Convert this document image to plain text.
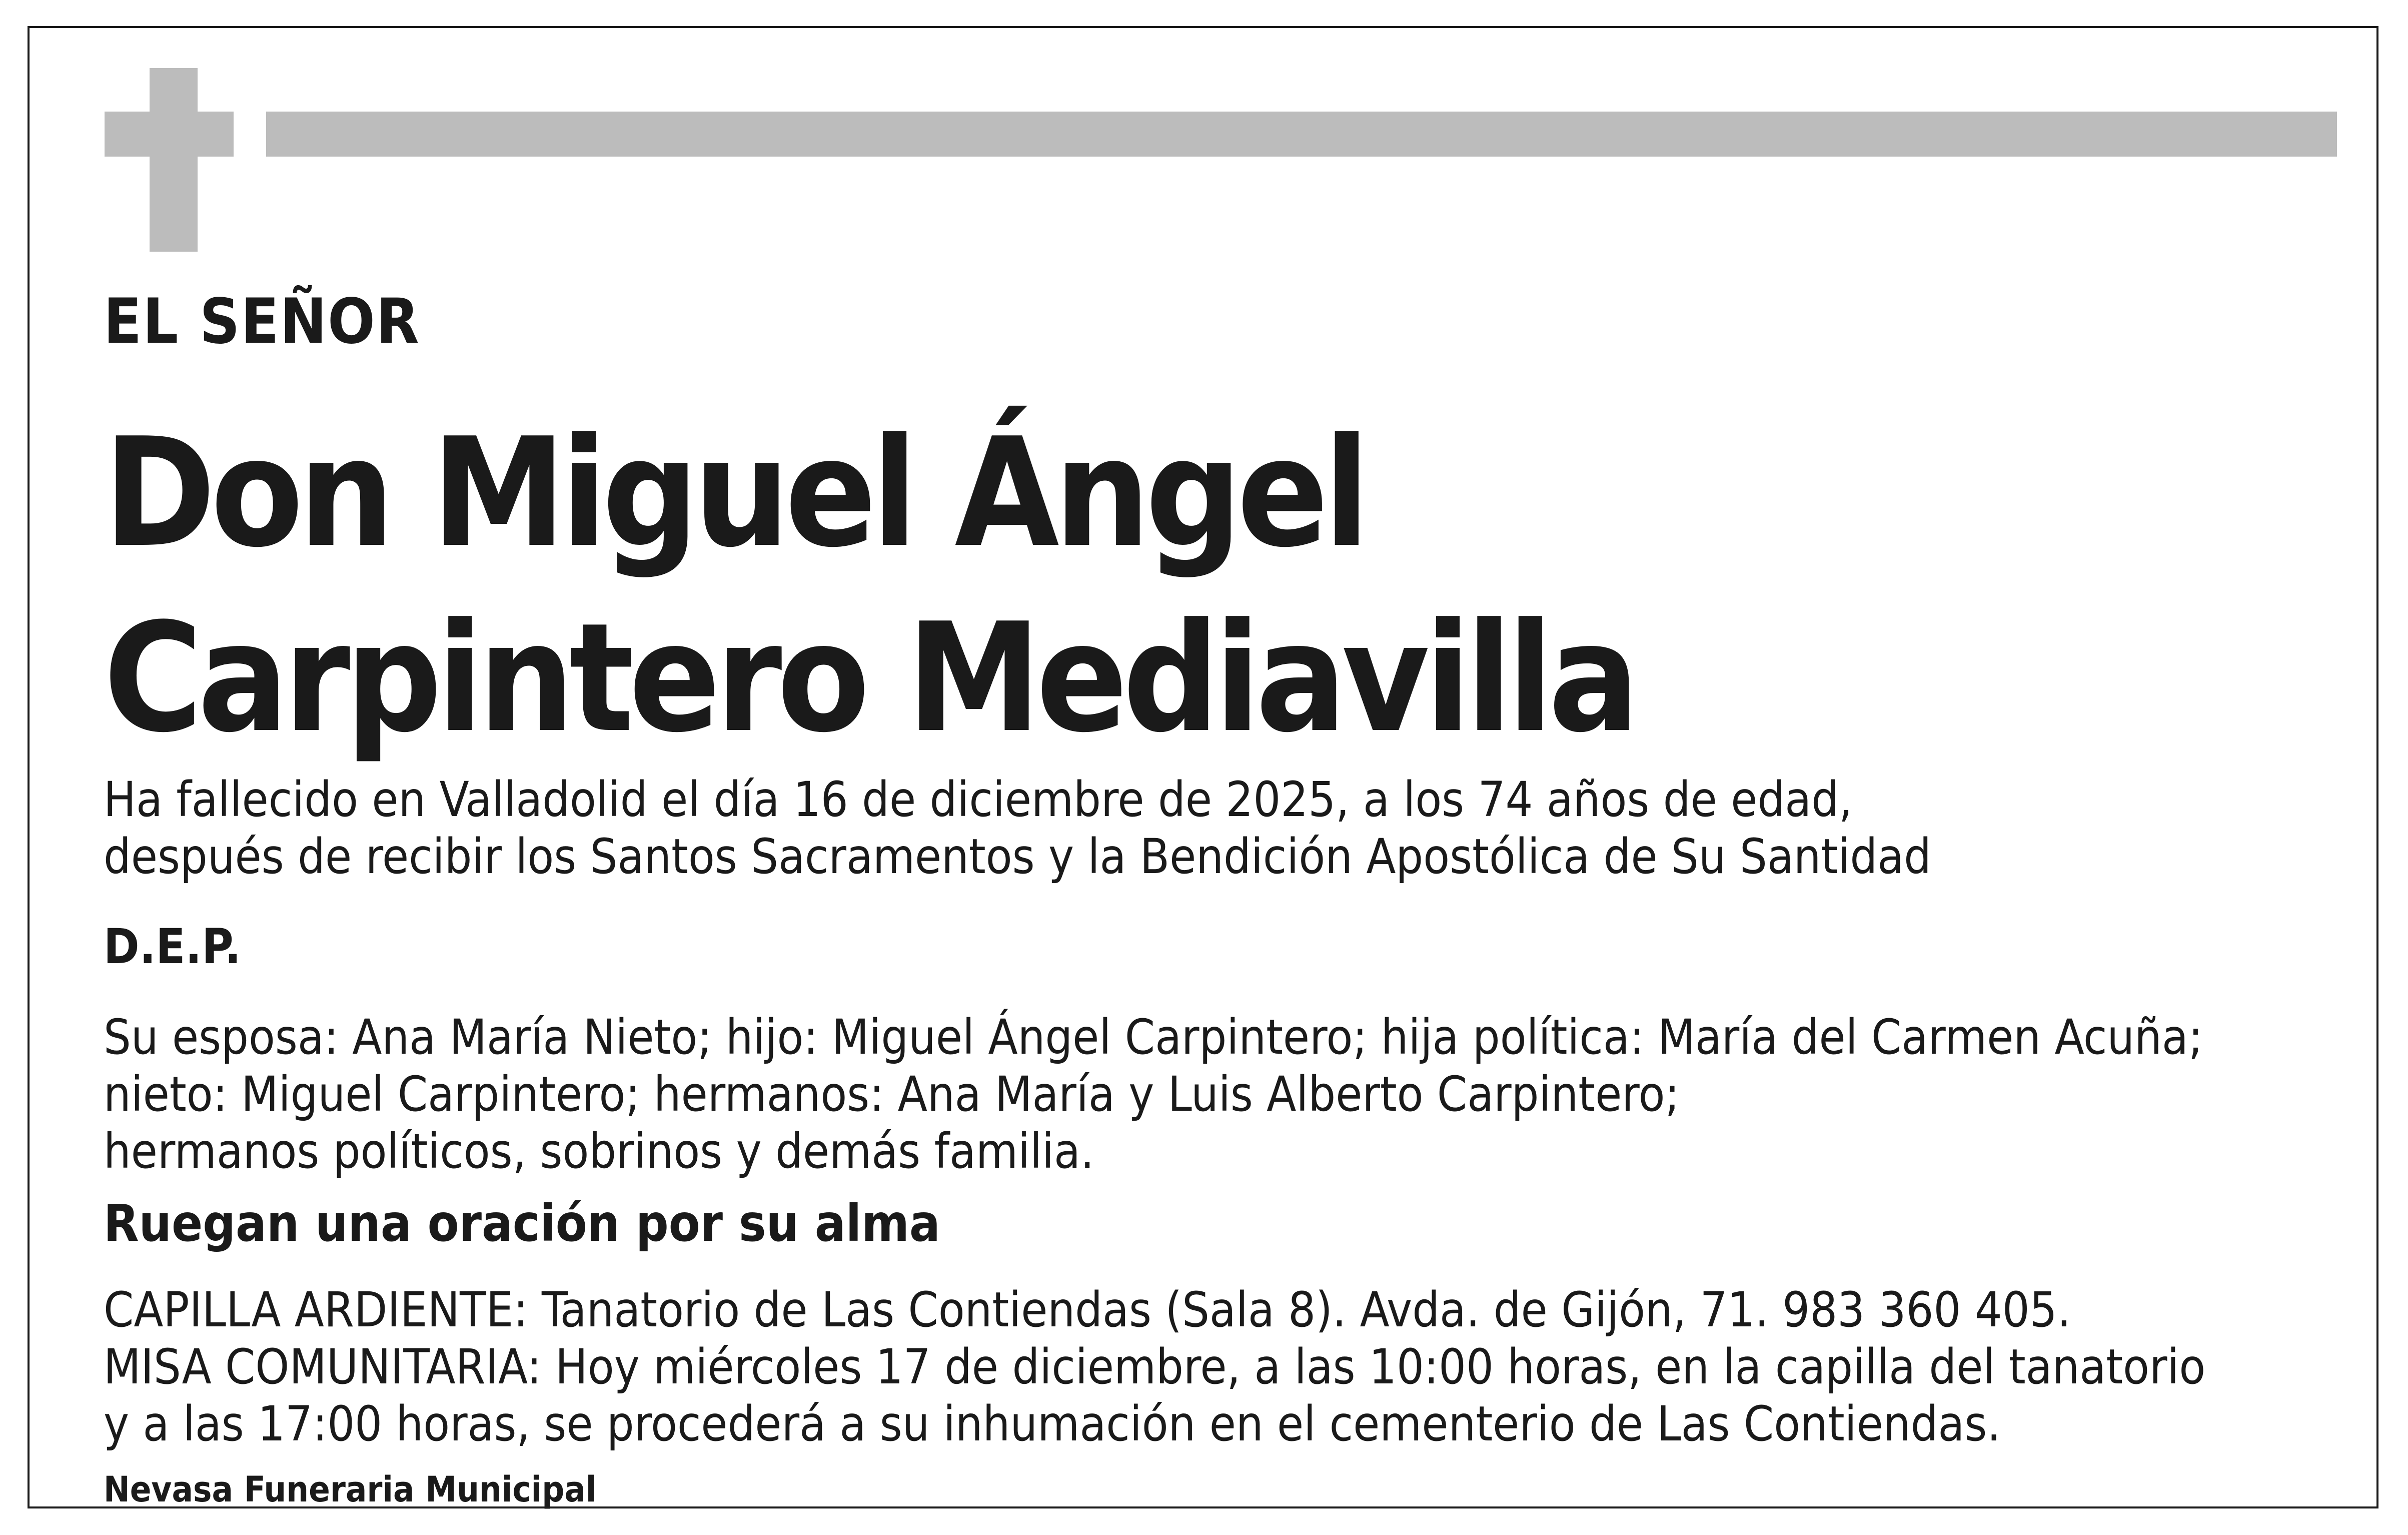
EL SEÑOR
Don Miguel Ángel
Carpintero Mediavilla
Ha fallecido en Valladolid el día 16 de diciembre de 2025, a los 74 años de edad,
después de recibir los Santos Sacramentos y la Bendición Apostólica de Su Santidad
D.E.P.
Su esposa: Ana María Nieto; hijo: Miguel Ángel Carpintero; hija política: María del Carmen Acuña;
nieto: Miguel Carpintero; hermanos: Ana María y Luis Alberto Carpintero;
hermanos políticos, sobrinos y demás familia.
Ruegan una oración por su alma
CAPILLA ARDIENTE: Tanatorio de Las Contiendas (Sala 8). Avda. de Gijón, 71. 983 360 405.
MISA COMUNITARIA: Hoy miércoles 17 de diciembre, a las 10:00 horas, en la capilla del tanatorio
y a las 17:00 horas, se procederá a su inhumación en el cementerio de Las Contiendas.
Nevasa Funeraria Municipal
